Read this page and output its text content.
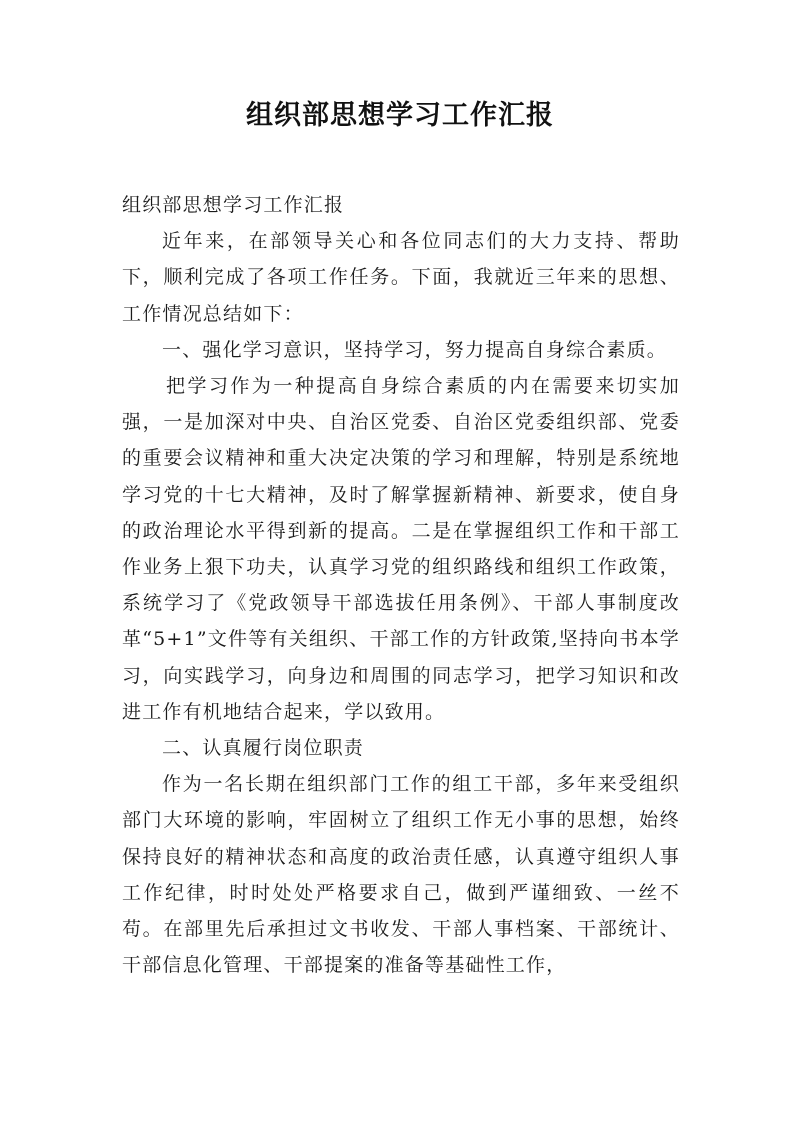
组织部思想学习工作汇报

组织部思想学习工作汇报

近年来，在部领导关心和各位同志们的大力支持、帮助下，顺利完成了各项工作任务。下面，我就近三年来的思想、工作情况总结如下：

一、强化学习意识，坚持学习，努力提高自身综合素质。

把学习作为一种提高自身综合素质的内在需要来切实加强，一是加深对中央、自治区党委、自治区党委组织部、党委的重要会议精神和重大决定决策的学习和理解，特别是系统地学习党的十七大精神，及时了解掌握新精神、新要求，使自身的政治理论水平得到新的提高。二是在掌握组织工作和干部工作业务上狠下功夫，认真学习党的组织路线和组织工作政策，系统学习了《党政领导干部选拔任用条例》、干部人事制度改革“5+1”文件等有关组织、干部工作的方针政策,坚持向书本学习，向实践学习，向身边和周围的同志学习，把学习知识和改进工作有机地结合起来，学以致用。

二、认真履行岗位职责

作为一名长期在组织部门工作的组工干部，多年来受组织部门大环境的影响，牢固树立了组织工作无小事的思想，始终保持良好的精神状态和高度的政治责任感，认真遵守组织人事工作纪律，时时处处严格要求自己，做到严谨细致、一丝不苟。在部里先后承担过文书收发、干部人事档案、干部统计、干部信息化管理、干部提案的准备等基础性工作，
